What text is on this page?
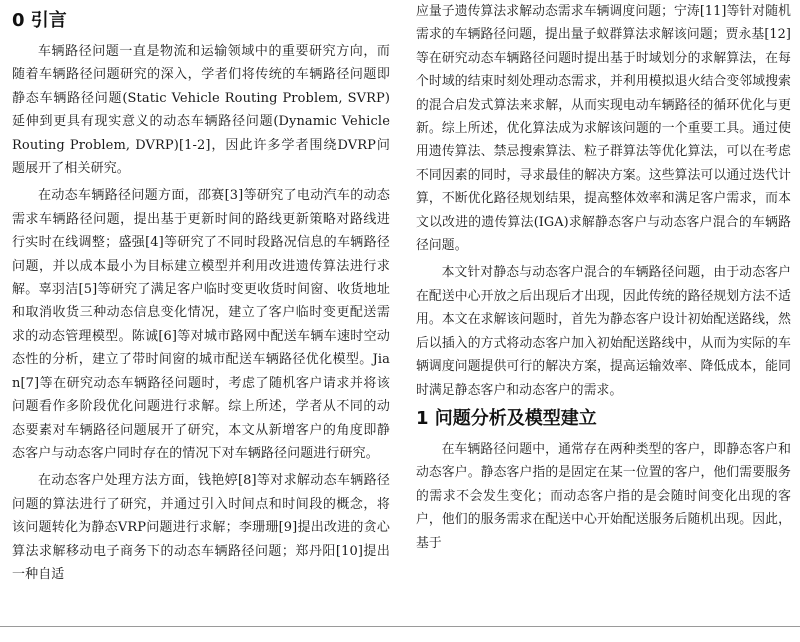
0 引言

车辆路径问题一直是物流和运输领域中的重要研究方向，而随着车辆路径问题研究的深入，学者们将传统的车辆路径问题即静态车辆路径问题(Static Vehicle Routing Problem, SVRP)延伸到更具有现实意义的动态车辆路径问题(Dynamic Vehicle Routing Problem, DVRP)[1-2]，因此许多学者围绕DVRP问题展开了相关研究。

在动态车辆路径问题方面，邵赛[3]等研究了电动汽车的动态需求车辆路径问题，提出基于更新时间的路线更新策略对路线进行实时在线调整；盛强[4]等研究了不同时段路况信息的车辆路径问题，并以成本最小为目标建立模型并利用改进遗传算法进行求解。辜羽洁[5]等研究了满足客户临时变更收货时间窗、收货地址和取消收货三种动态信息变化情况，建立了客户临时变更配送需求的动态管理模型。陈诚[6]等对城市路网中配送车辆车速时空动态性的分析，建立了带时间窗的城市配送车辆路径优化模型。Jian[7]等在研究动态车辆路径问题时，考虑了随机客户请求并将该问题看作多阶段优化问题进行求解。综上所述，学者从不同的动态要素对车辆路径问题展开了研究，本文从新增客户的角度即静态客户与动态客户同时存在的情况下对车辆路径问题进行研究。

在动态客户处理方法方面，钱艳婷[8]等对求解动态车辆路径问题的算法进行了研究，并通过引入时间点和时间段的概念，将该问题转化为静态VRP问题进行求解；李珊珊[9]提出改进的贪心算法求解移动电子商务下的动态车辆路径问题；郑丹阳[10]提出一种自适

应量子遗传算法求解动态需求车辆调度问题；宁涛[11]等针对随机需求的车辆路径问题，提出量子蚁群算法求解该问题；贾永基[12]等在研究动态车辆路径问题时提出基于时域划分的求解算法，在每个时域的结束时刻处理动态需求，并利用模拟退火结合变邻域搜索的混合启发式算法来求解，从而实现电动车辆路径的循环优化与更新。综上所述，优化算法成为求解该问题的一个重要工具。通过使用遗传算法、禁忌搜索算法、粒子群算法等优化算法，可以在考虑不同因素的同时，寻求最佳的解决方案。这些算法可以通过迭代计算，不断优化路径规划结果，提高整体效率和满足客户需求，而本文以改进的遗传算法(IGA)求解静态客户与动态客户混合的车辆路径问题。

本文针对静态与动态客户混合的车辆路径问题，由于动态客户在配送中心开放之后出现后才出现，因此传统的路径规划方法不适用。本文在求解该问题时，首先为静态客户设计初始配送路线，然后以插入的方式将动态客户加入初始配送路线中，从而为实际的车辆调度问题提供可行的解决方案，提高运输效率、降低成本，能同时满足静态客户和动态客户的需求。

1 问题分析及模型建立

在车辆路径问题中，通常存在两种类型的客户，即静态客户和动态客户。静态客户指的是固定在某一位置的客户，他们需要服务的需求不会发生变化；而动态客户指的是会随时间变化出现的客户，他们的服务需求在配送中心开始配送服务后随机出现。因此，基于
